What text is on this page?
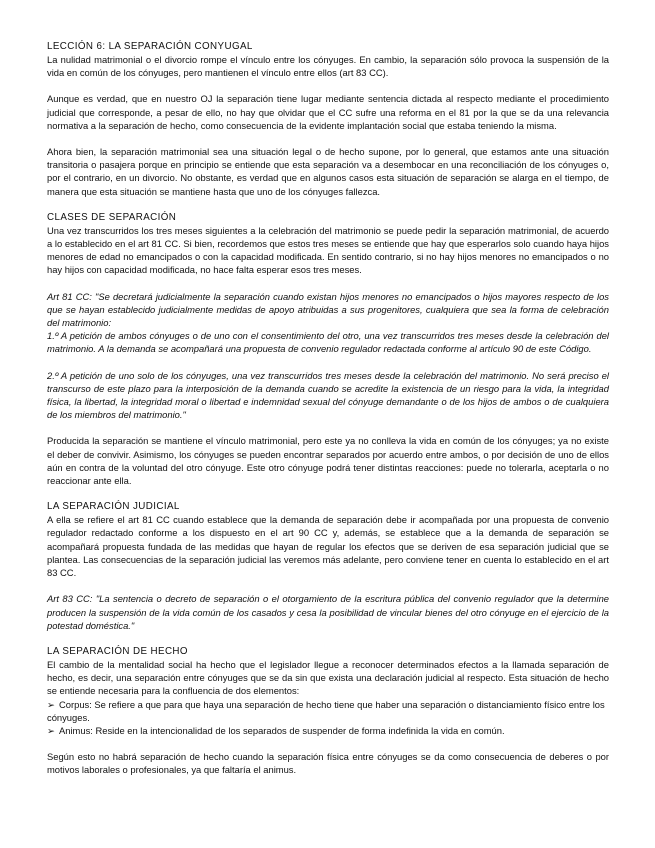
LECCIÓN 6: LA SEPARACIÓN CONYUGAL

La nulidad matrimonial o el divorcio rompe el vínculo entre los cónyuges. En cambio, la separación sólo provoca la suspensión de la vida en común de los cónyuges, pero mantienen el vínculo entre ellos (art 83 CC).

Aunque es verdad, que en nuestro OJ la separación tiene lugar mediante sentencia dictada al respecto mediante el procedimiento judicial que corresponde, a pesar de ello, no hay que olvidar que el CC sufre una reforma en el 81 por la que se da una relevancia normativa a la separación de hecho, como consecuencia de la evidente implantación social que estaba teniendo la misma.

Ahora bien, la separación matrimonial sea una situación legal o de hecho supone, por lo general, que estamos ante una situación transitoria o pasajera porque en principio se entiende que esta separación va a desembocar en una reconciliación de los cónyuges o, por el contrario, en un divorcio. No obstante, es verdad que en algunos casos esta situación de separación se alarga en el tiempo, de manera que esta situación se mantiene hasta que uno de los cónyuges fallezca.

CLASES DE SEPARACIÓN

Una vez transcurridos los tres meses siguientes a la celebración del matrimonio se puede pedir la separación matrimonial, de acuerdo a lo establecido en el art 81 CC. Si bien, recordemos que estos tres meses se entiende que hay que esperarlos solo cuando haya hijos menores de edad no emancipados o con la capacidad modificada. En sentido contrario, si no hay hijos menores no emancipados o no hay hijos con capacidad modificada, no hace falta esperar esos tres meses.

Art 81 CC: "Se decretará judicialmente la separación cuando existan hijos menores no emancipados o hijos mayores respecto de los que se hayan establecido judicialmente medidas de apoyo atribuidas a sus progenitores, cualquiera que sea la forma de celebración del matrimonio:
1.º A petición de ambos cónyuges o de uno con el consentimiento del otro, una vez transcurridos tres meses desde la celebración del matrimonio. A la demanda se acompañará una propuesta de convenio regulador redactada conforme al artículo 90 de este Código.

2.º A petición de uno solo de los cónyuges, una vez transcurridos tres meses desde la celebración del matrimonio. No será preciso el transcurso de este plazo para la interposición de la demanda cuando se acredite la existencia de un riesgo para la vida, la integridad física, la libertad, la integridad moral o libertad e indemnidad sexual del cónyuge demandante o de los hijos de ambos o de cualquiera de los miembros del matrimonio."

Producida la separación se mantiene el vínculo matrimonial, pero este ya no conlleva la vida en común de los cónyuges; ya no existe el deber de convivir. Asimismo, los cónyuges se pueden encontrar separados por acuerdo entre ambos, o por decisión de uno de ellos aún en contra de la voluntad del otro cónyuge. Este otro cónyuge podrá tener distintas reacciones: puede no tolerarla, aceptarla o no reaccionar ante ella.

LA SEPARACIÓN JUDICIAL

A ella se refiere el art 81 CC cuando establece que la demanda de separación debe ir acompañada por una propuesta de convenio regulador redactado conforme a los dispuesto en el art 90 CC y, además, se establece que a la demanda de separación se acompañará propuesta fundada de las medidas que hayan de regular los efectos que se deriven de esa separación judicial que se plantea. Las consecuencias de la separación judicial las veremos más adelante, pero conviene tener en cuenta lo establecido en el art 83 CC.

Art 83 CC: "La sentencia o decreto de separación o el otorgamiento de la escritura pública del convenio regulador que la determine producen la suspensión de la vida común de los casados y cesa la posibilidad de vincular bienes del otro cónyuge en el ejercicio de la potestad doméstica."

LA SEPARACIÓN DE HECHO

El cambio de la mentalidad social ha hecho que el legislador llegue a reconocer determinados efectos a la llamada separación de hecho, es decir, una separación entre cónyuges que se da sin que exista una declaración judicial al respecto. Esta situación de hecho se entiende necesaria para la confluencia de dos elementos:

➢ Corpus: Se refiere a que para que haya una separación de hecho tiene que haber una separación o distanciamiento físico entre los cónyuges.
➢ Animus: Reside en la intencionalidad de los separados de suspender de forma indefinida la vida en común.

Según esto no habrá separación de hecho cuando la separación física entre cónyuges se da como consecuencia de deberes o por motivos laborales o profesionales, ya que faltaría el animus.
